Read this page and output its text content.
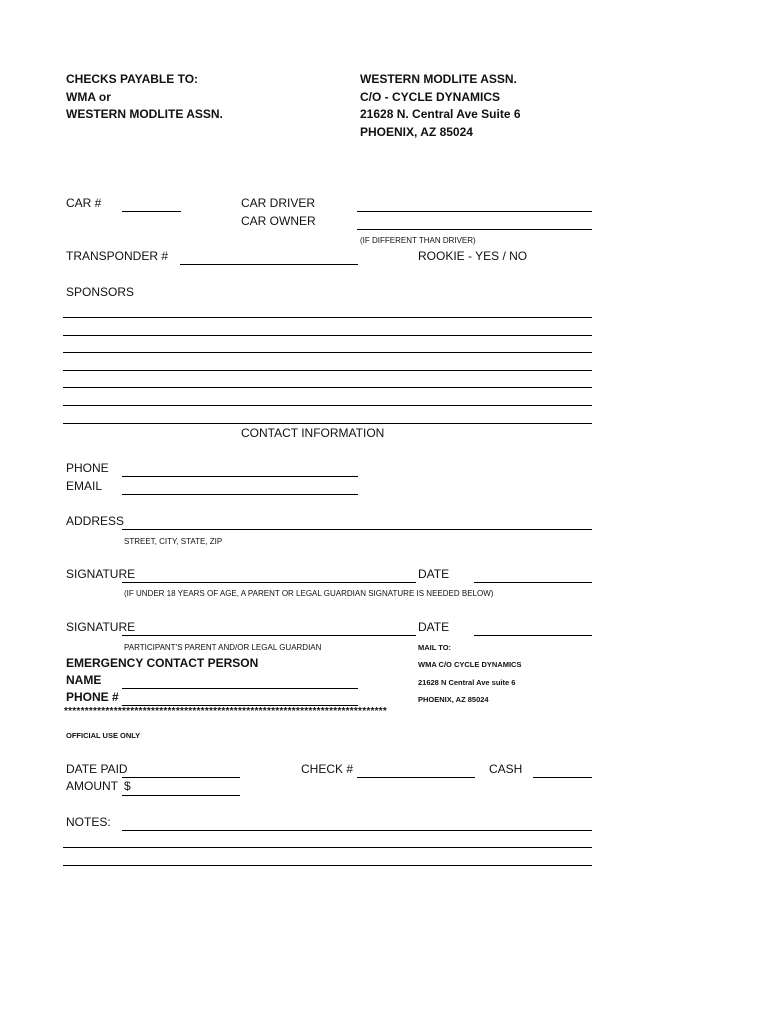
CHECKS PAYABLE TO:
WMA or
WESTERN MODLITE ASSN.
WESTERN MODLITE ASSN.
C/O - CYCLE DYNAMICS
21628 N. Central Ave Suite 6
PHOENIX, AZ 85024
CAR #	CAR DRIVER
CAR OWNER
(IF DIFFERENT THAN DRIVER)
TRANSPONDER #	ROOKIE - YES / NO
SPONSORS
CONTACT INFORMATION
PHONE
EMAIL
ADDRESS
STREET, CITY, STATE, ZIP
SIGNATURE	DATE
(IF UNDER 18 YEARS OF AGE, A PARENT OR LEGAL GUARDIAN SIGNATURE IS NEEDED BELOW)
SIGNATURE	DATE
PARTICIPANT'S PARENT AND/OR LEGAL GUARDIAN
EMERGENCY CONTACT PERSON
NAME
PHONE #
MAIL TO:
WMA C/O CYCLE DYNAMICS
21628 N Central Ave suite 6
PHOENIX, AZ 85024
******************************************************************************
OFFICIAL USE ONLY
DATE PAID	CHECK #	CASH
AMOUNT $
NOTES:
